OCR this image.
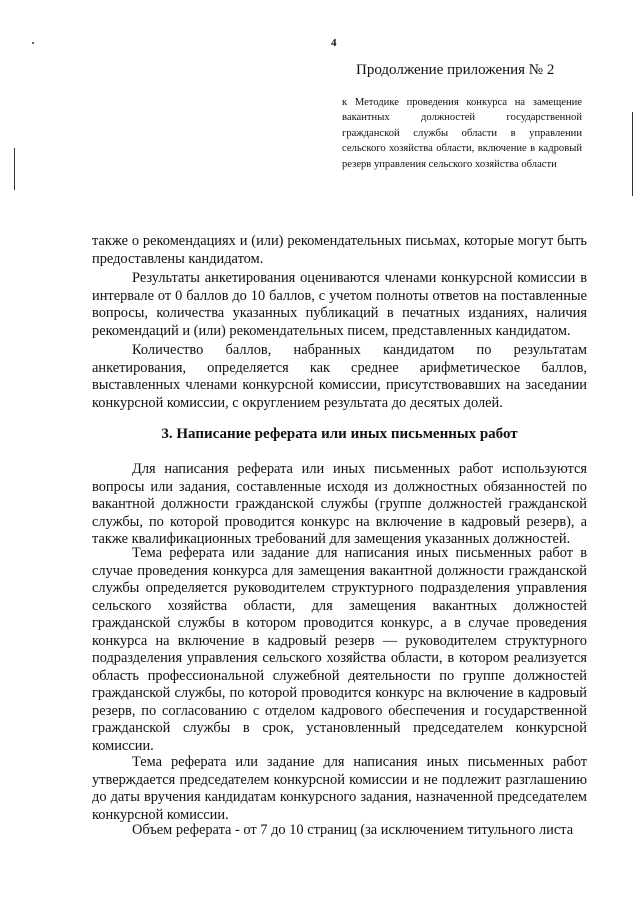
4
Продолжение приложения № 2
к Методике проведения конкурса на замещение вакантных должностей государственной гражданской службы области в управлении сельского хозяйства области, включение в кадровый резерв управления сельского хозяйства области

также о рекомендациях и (или) рекомендательных письмах, которые могут быть предоставлены кандидатом.

Результаты анкетирования оцениваются членами конкурсной комиссии в интервале от 0 баллов до 10 баллов, с учетом полноты ответов на поставленные вопросы, количества указанных публикаций в печатных изданиях, наличия рекомендаций и (или) рекомендательных писем, представленных кандидатом.

Количество баллов, набранных кандидатом по результатам анкетирования, определяется как среднее арифметическое баллов, выставленных членами конкурсной комиссии, присутствовавших на заседании конкурсной комиссии, с округлением результата до десятых долей.

3. Написание реферата или иных письменных работ

Для написания реферата или иных письменных работ используются вопросы или задания, составленные исходя из должностных обязанностей по вакантной должности гражданской службы (группе должностей гражданской службы, по которой проводится конкурс на включение в кадровый резерв), а также квалификационных требований для замещения указанных должностей.

Тема реферата или задание для написания иных письменных работ в случае проведения конкурса для замещения вакантной должности гражданской службы определяется руководителем структурного подразделения управления сельского хозяйства области, для замещения вакантных должностей гражданской службы в котором проводится конкурс, а в случае проведения конкурса на включение в кадровый резерв — руководителем структурного подразделения управления сельского хозяйства области, в котором реализуется область профессиональной служебной деятельности по группе должностей гражданской службы, по которой проводится конкурс на включение в кадровый резерв, по согласованию с отделом кадрового обеспечения и государственной гражданской службы в срок, установленный председателем конкурсной комиссии.

Тема реферата или задание для написания иных письменных работ утверждается председателем конкурсной комиссии и не подлежит разглашению до даты вручения кандидатам конкурсного задания, назначенной председателем конкурсной комиссии.

Объем реферата - от 7 до 10 страниц (за исключением титульного листа
